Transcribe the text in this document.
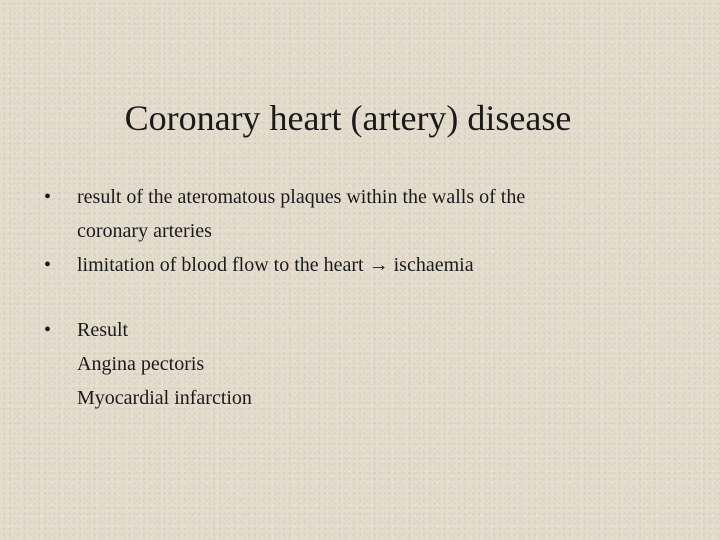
Coronary heart (artery) disease
• result of the ateromatous plaques within the walls of the
coronary arteries
• limitation of blood flow to the heart → ischaemia
• Result
Angina pectoris
Myocardial infarction
